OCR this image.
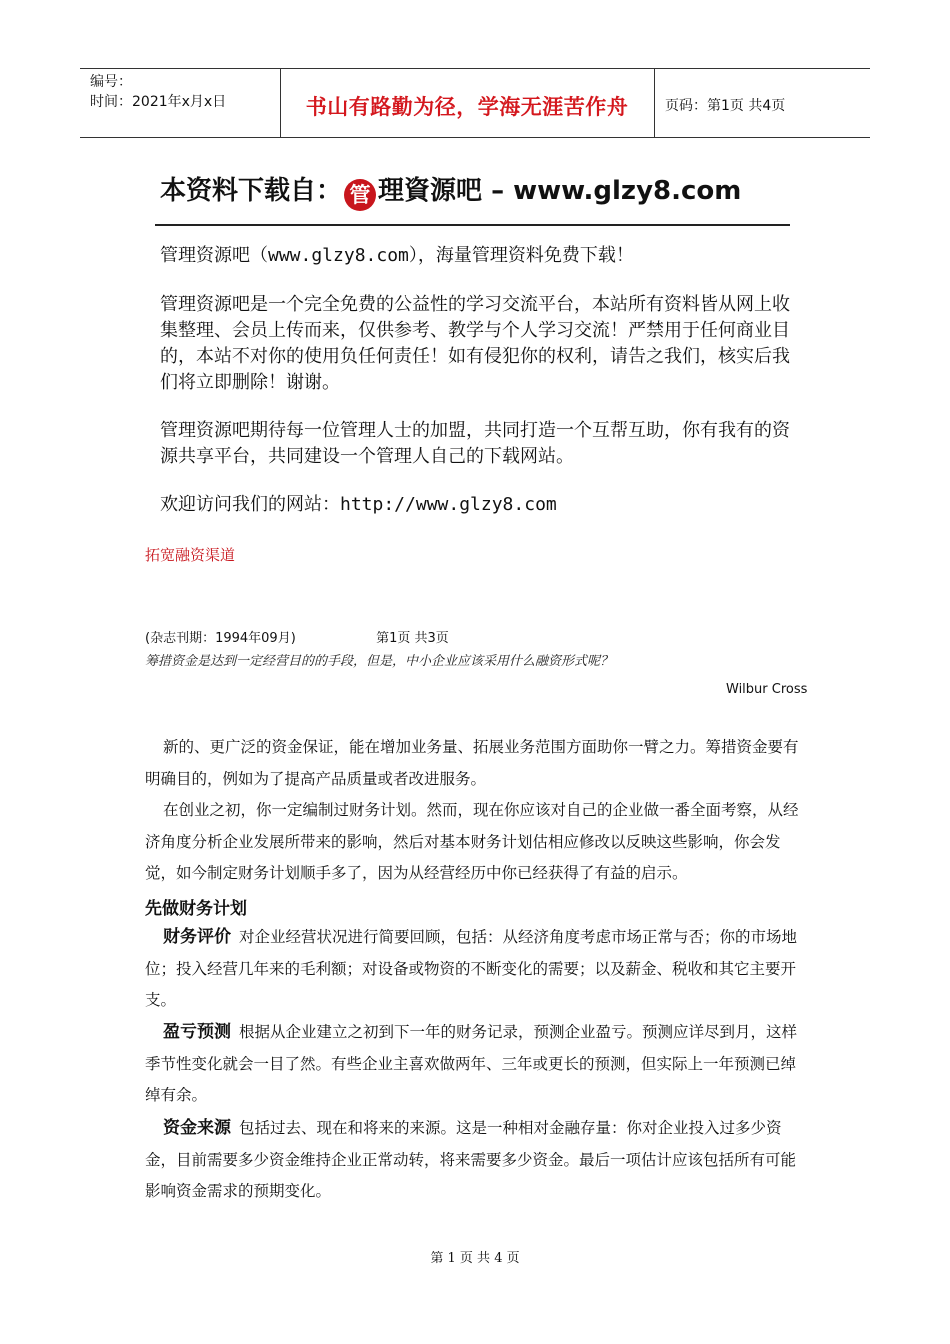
编号：
时间：2021年x月x日	书山有路勤为径，学海无涯苦作舟	页码：第1页 共4页
本资料下载自： 管 理資源吧 – www.glzy8.com
管理资源吧（www.glzy8.com），海量管理资料免费下载！
管理资源吧是一个完全免费的公益性的学习交流平台，本站所有资料皆从网上收集整理、会员上传而来，仅供参考、教学与个人学习交流！严禁用于任何商业目的，本站不对你的使用负任何责任！如有侵犯你的权利，请告之我们，核实后我们将立即删除！谢谢。
管理资源吧期待每一位管理人士的加盟，共同打造一个互帮互助，你有我有的资源共享平台，共同建设一个管理人自己的下载网站。
欢迎访问我们的网站：http://www.glzy8.com
拓宽融资渠道
(杂志刊期：1994年09月)	第1页 共3页
筹措资金是达到一定经营目的的手段，但是，中小企业应该采用什么融资形式呢？
Wilbur Cross
新的、更广泛的资金保证，能在增加业务量、拓展业务范围方面助你一臂之力。筹措资金要有明确目的，例如为了提高产品质量或者改进服务。
在创业之初，你一定编制过财务计划。然而，现在你应该对自己的企业做一番全面考察，从经济角度分析企业发展所带来的影响，然后对基本财务计划估相应修改以反映这些影响，你会发觉，如今制定财务计划顺手多了，因为从经营经历中你已经获得了有益的启示。
先做财务计划
财务评价 对企业经营状况进行简要回顾，包括：从经济角度考虑市场正常与否；你的市场地位；投入经营几年来的毛利额；对设备或物资的不断变化的需要；以及薪金、税收和其它主要开支。
盈亏预测 根据从企业建立之初到下一年的财务记录，预测企业盈亏。预测应详尽到月，这样季节性变化就会一目了然。有些企业主喜欢做两年、三年或更长的预测，但实际上一年预测已绰绰有余。
资金来源 包括过去、现在和将来的来源。这是一种相对金融存量：你对企业投入过多少资金，目前需要多少资金维持企业正常动转，将来需要多少资金。最后一项估计应该包括所有可能影响资金需求的预期变化。
第 1 页 共 4 页
